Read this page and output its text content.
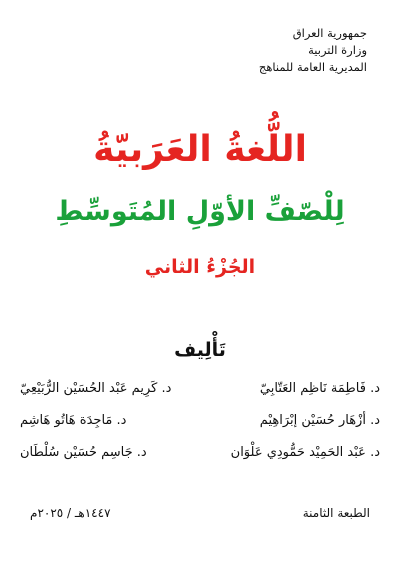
جمهورية العراق
وزارة التربية
المديرية العامة للمناهج
اللُّغةُ العَرَبيّةُ
لِلْصّفِّ الأوّلِ المُتَوسِّطِ
الجُزْءُ الثاني
تَأْلِيف
د. فَاطِمَة نَاظِم العَتّابِيّ
د. كَرِيم عَبْد الحُسَيْن الرُّبَيْعِيّ
د. أزْهَار حُسَيْن إبْرَاهِيْم
د. مَاجِدَة هَاتُو هَاشِم
د. عَبْد الحَمِيْد حَمُّودِي عَلْوَان
د. جَاسِم حُسَيْن سُلْطَان
الطبعة الثامنة
١٤٤٧هـ / ٢٠٢٥م
